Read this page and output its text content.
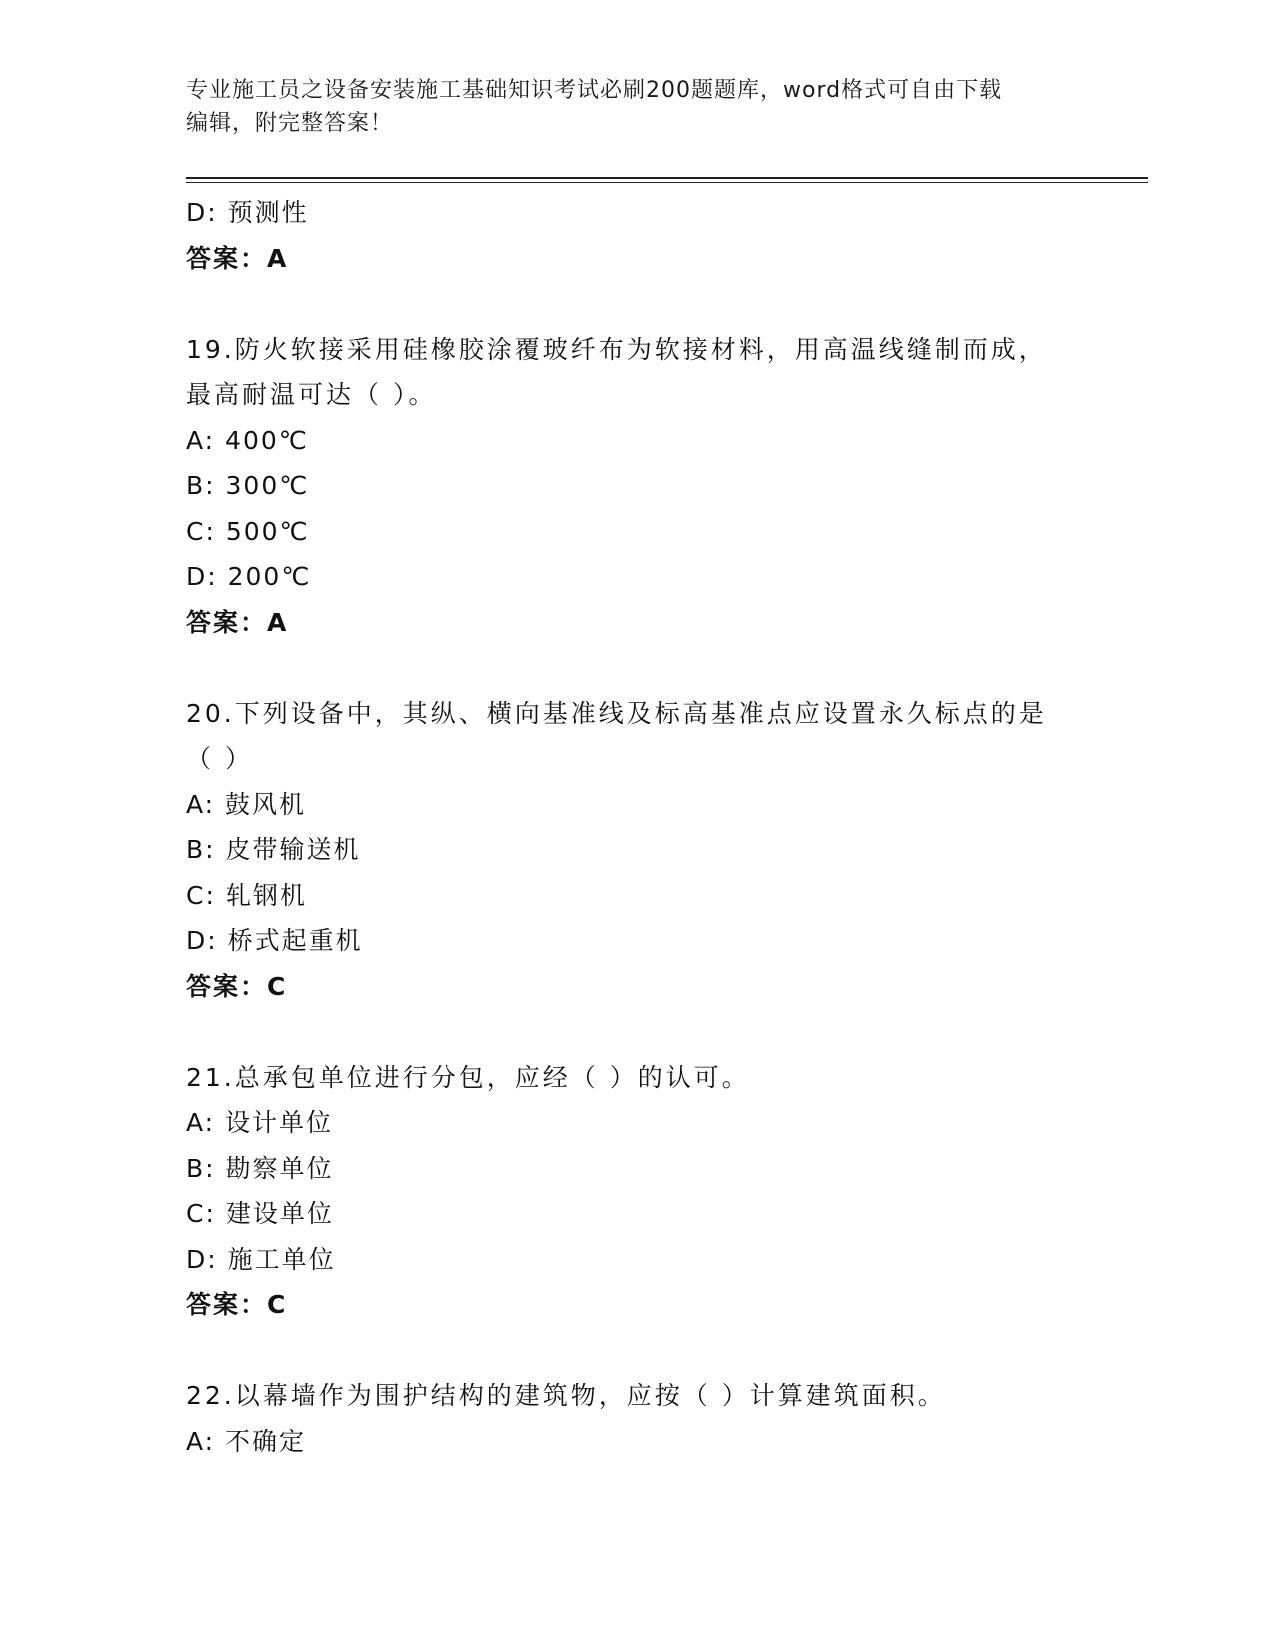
专业施工员之设备安装施工基础知识考试必刷200题题库，word格式可自由下载
编辑，附完整答案！
D: 预测性
答案：A
19.防火软接采用硅橡胶涂覆玻纤布为软接材料，用高温线缝制而成，
最高耐温可达（ ）。
A: 400℃
B: 300℃
C: 500℃
D: 200℃
答案：A
20.下列设备中，其纵、横向基准线及标高基准点应设置永久标点的是
（ ）
A: 鼓风机
B: 皮带输送机
C: 轧钢机
D: 桥式起重机
答案：C
21.总承包单位进行分包，应经（ ）的认可。
A: 设计单位
B: 勘察单位
C: 建设单位
D: 施工单位
答案：C
22.以幕墙作为围护结构的建筑物，应按（ ）计算建筑面积。
A: 不确定
